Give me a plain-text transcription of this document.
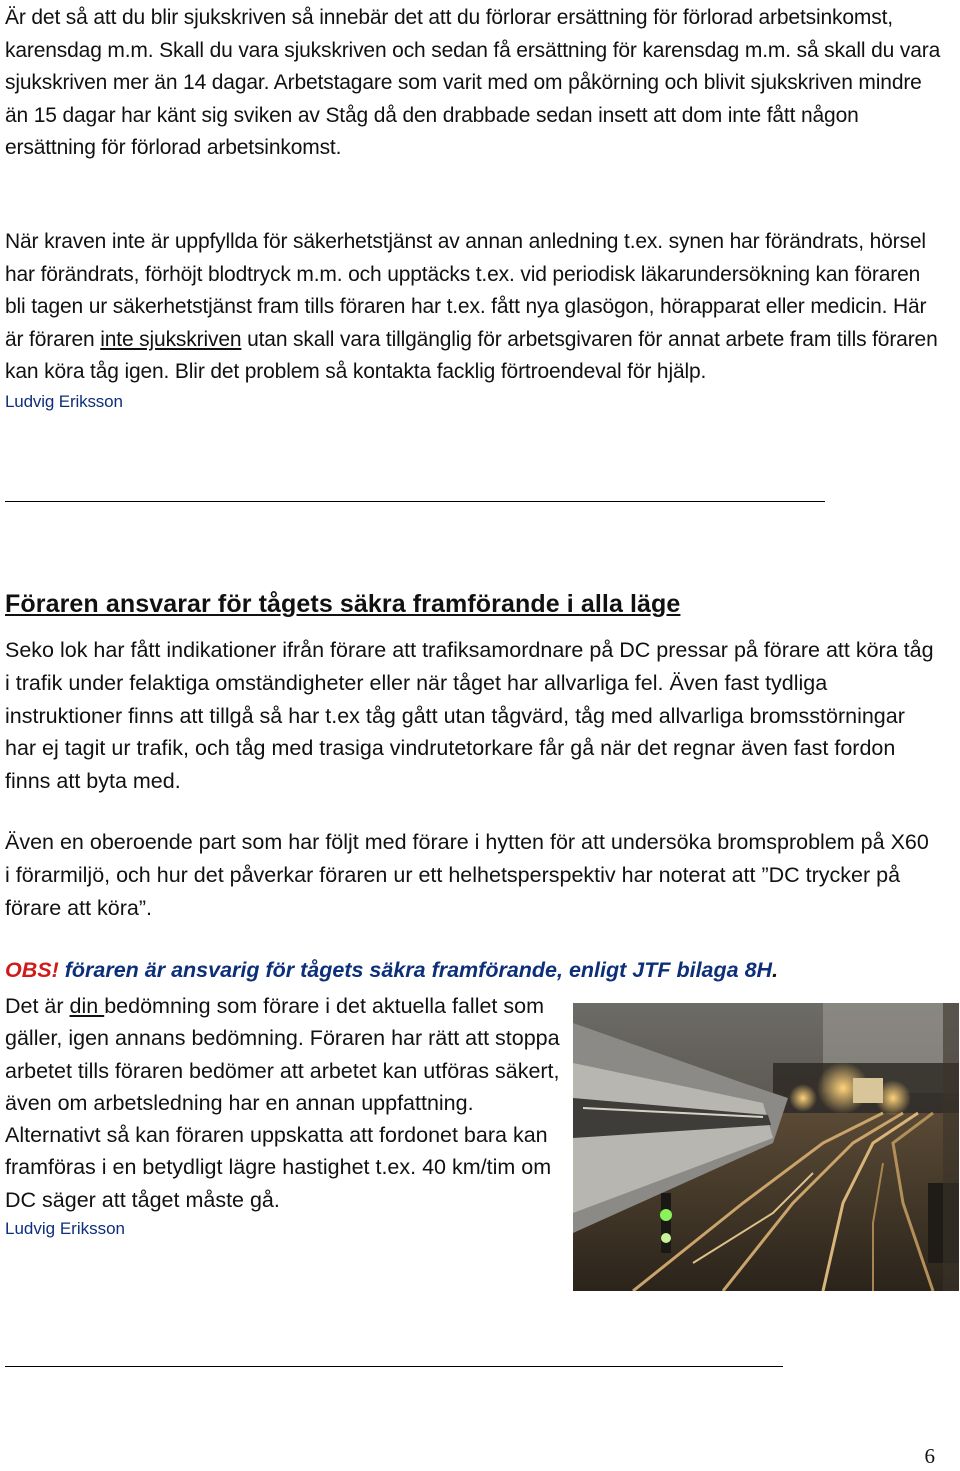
Är det så att du blir sjukskriven så innebär det att du förlorar ersättning för förlorad arbetsinkomst, karensdag m.m. Skall du vara sjukskriven och sedan få ersättning för karensdag m.m. så skall du vara sjukskriven mer än 14 dagar. Arbetstagare som varit med om påkörning och blivit sjukskriven mindre än 15 dagar har känt sig sviken av Ståg då den drabbade sedan insett att dom inte fått någon ersättning för förlorad arbetsinkomst.
När kraven inte är uppfyllda för säkerhetstjänst av annan anledning t.ex. synen har förändrats, hörsel har förändrats, förhöjt blodtryck m.m. och upptäcks t.ex. vid periodisk läkarundersökning kan föraren bli tagen ur säkerhetstjänst fram tills föraren har t.ex. fått nya glasögon, hörapparat eller medicin. Här är föraren inte sjukskriven utan skall vara tillgänglig för arbetsgivaren för annat arbete fram tills föraren kan köra tåg igen. Blir det problem så kontakta facklig förtroendeval för hjälp.
Ludvig Eriksson
Föraren ansvarar för tågets säkra framförande i alla läge
Seko lok har fått indikationer ifrån förare att trafiksamordnare på DC pressar på förare att köra tåg i trafik under felaktiga omständigheter eller när tåget har allvarliga fel. Även fast tydliga instruktioner finns att tillgå så har t.ex tåg gått utan tågvärd, tåg med allvarliga bromsstörningar har ej tagit ur trafik, och tåg med trasiga vindrutetorkare får gå när det regnar även fast fordon finns att byta med.
Även en oberoende part som har följt med förare i hytten för att undersöka bromsproblem på X60 i förarmiljö, och hur det påverkar föraren ur ett helhetsperspektiv har noterat att ”DC trycker på förare att köra”.
OBS! föraren är ansvarig för tågets säkra framförande, enligt JTF bilaga 8H.
Det är din bedömning som förare i det aktuella fallet som gäller, igen annans bedömning. Föraren har rätt att stoppa arbetet tills föraren bedömer att arbetet kan utföras säkert, även om arbetsledning har en annan uppfattning. Alternativt så kan föraren uppskatta att fordonet bara kan framföras i en betydligt lägre hastighet t.ex. 40 km/tim om DC säger att tåget måste gå.
Ludvig Eriksson
6
